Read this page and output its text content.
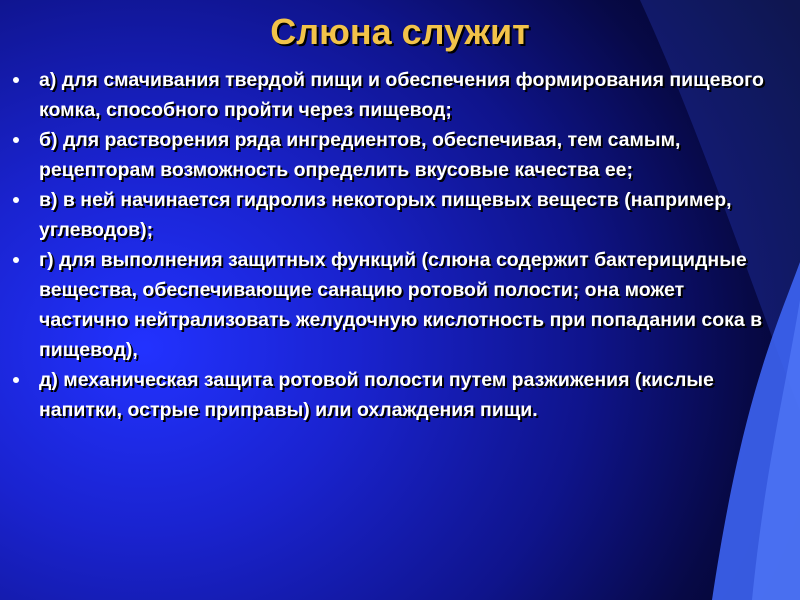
Слюна служит
а) для смачивания твердой пищи и обеспечения формирования пищевого комка, способного пройти через пищевод;
б) для растворения ряда ингредиентов, обеспечивая, тем самым, рецепторам возможность определить вкусовые качества ее;
в) в ней начинается гидролиз некоторых пищевых веществ (например, углеводов);
г) для выполнения защитных функций (слюна содержит бактерицидные вещества, обеспечивающие санацию ротовой полости; она может частично нейтрализовать желудочную кислотность при попадании сока в пищевод),
д) механическая защита ротовой полости путем разжижения (кислые напитки, острые приправы) или охлаждения пищи.
